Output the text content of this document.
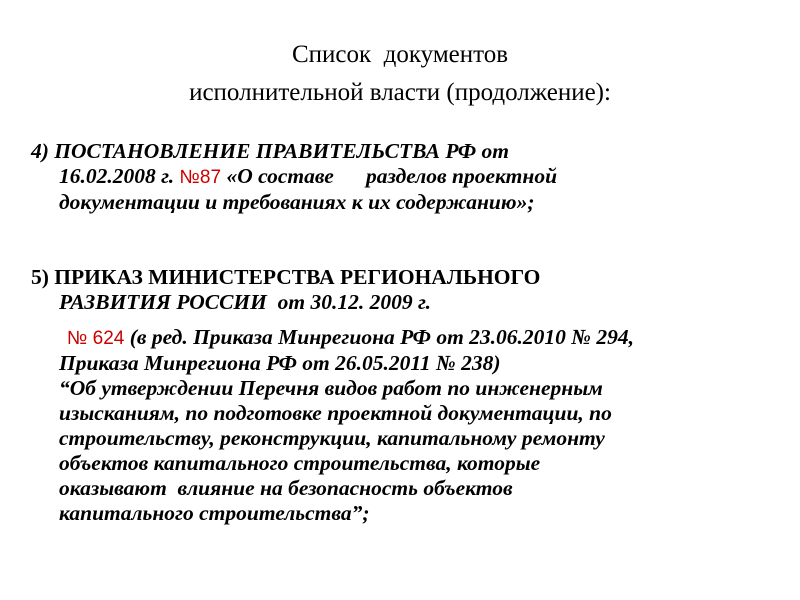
Список  документов
исполнительной власти (продолжение):
4) ПОСТАНОВЛЕНИЕ ПРАВИТЕЛЬСТВА РФ от
16.02.2008 г. №87 «О составе      разделов проектной
документации и требованиях к их содержанию»;
5) ПРИКАЗ МИНИСТЕРСТВА РЕГИОНАЛЬНОГО
РАЗВИТИЯ РОССИИ  от 30.12. 2009 г.
№ 624 (в ред. Приказа Минрегиона РФ от 23.06.2010 № 294,
Приказа Минрегиона РФ от 26.05.2011 № 238)
“Об утверждении Перечня видов работ по инженерным
изысканиям, по подготовке проектной документации, по
строительству, реконструкции, капитальному ремонту
объектов капитального строительства, которые
оказывают  влияние на безопасность объектов
капитального строительства”;
